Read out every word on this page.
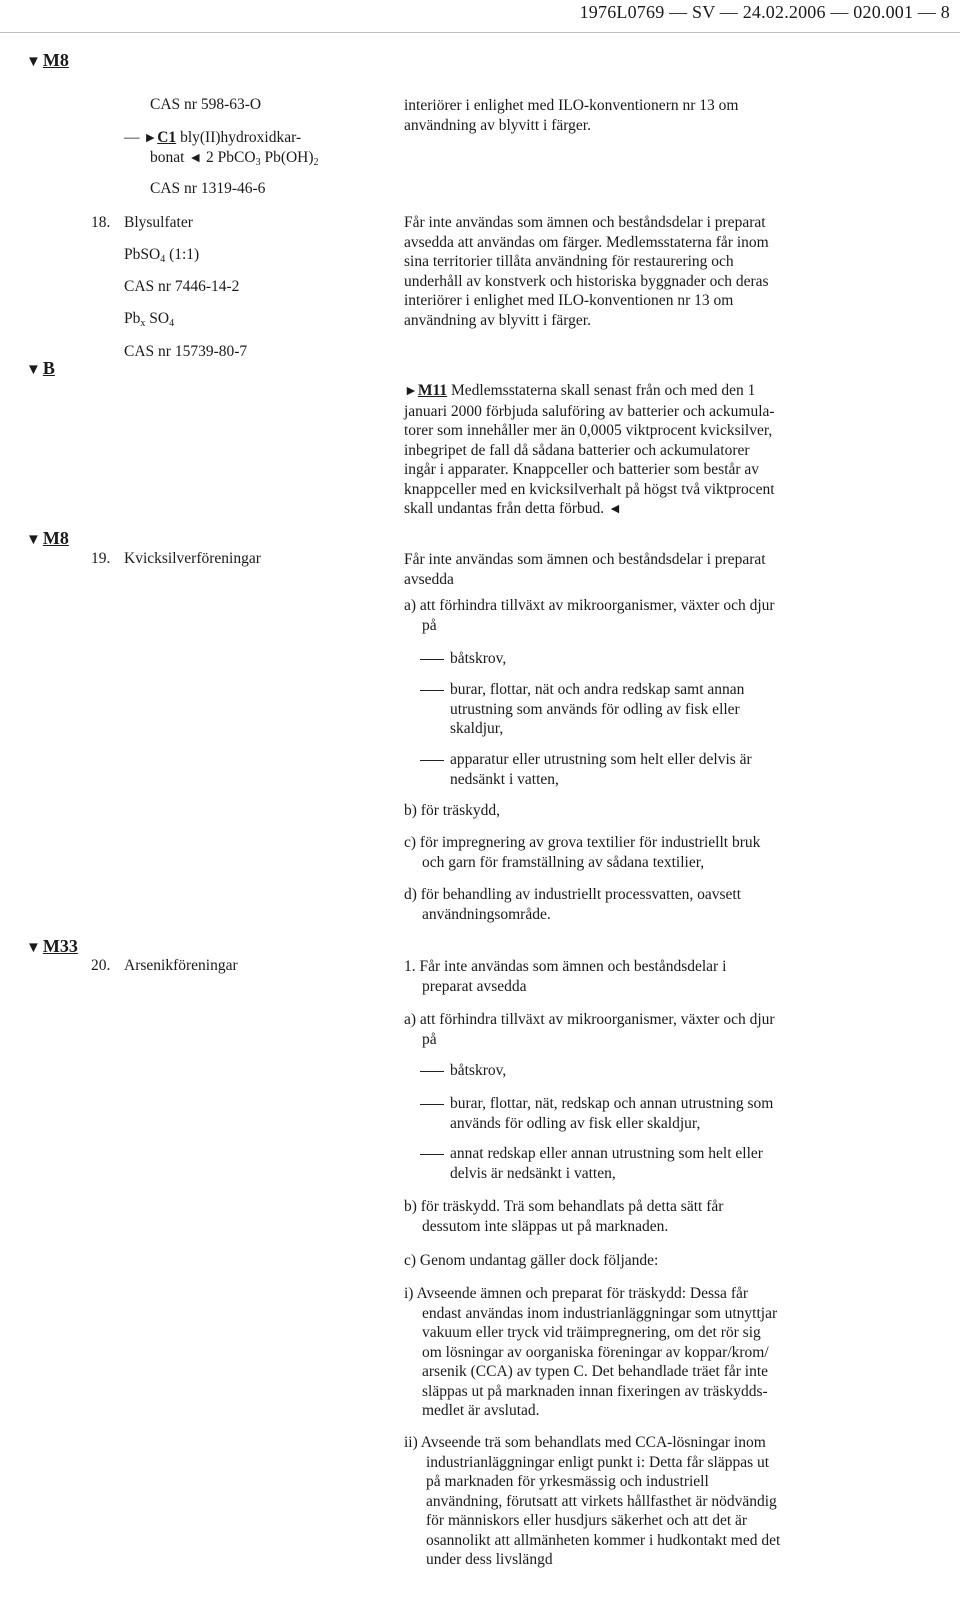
1976L0769 — SV — 24.02.2006 — 020.001 — 8
▼ M8
▼ B
▼ M8
▼ M33
CAS nr 598-63-O
— ►C1 bly(II)hydroxidkar-
bonat ◄ 2 PbCO$_3$ $Pb(OH)_2$
CAS nr 1319-46-6

interiörer i enlighet med ILO-konventionern nr 13 om

användning av blyvitt i färger.

18. Blysulfater
PbSO$_4$ (1:1)
CAS nr 7446-14-2
$Pb_x$ $SO_4$
CAS nr 15739-80-7

Får inte användas som ämnen och beståndsdelar i preparat

avsedda att användas om färger. Medlemsstaterna får inom

sina territorier tillåta användning för restaurering och

underhåll av konstverk och historiska byggnader och deras

interiörer i enlighet med ILO-konventionen nr 13 om

användning av blyvitt i färger.

►M11 Medlemsstaterna skall senast från och med den 1

januari 2000 förbjuda saluföring av batterier och ackumula-

torer som innehåller mer än 0,0005 viktprocent kvicksilver,

inbegripet de fall då sådana batterier och ackumulatorer

ingår i apparater. Knappceller och batterier som består av

knappceller med en kvicksilverhalt på högst två viktprocent

skall undantas från detta förbud. ◄

19. Kvicksilverföreningar	Får inte användas som ämnen och beståndsdelar i preparat

avsedda

a) att förhindra tillväxt av mikroorganismer, växter och djur

på

båtskrov,

burar, flottar, nät och andra redskap samt annan

utrustning som används för odling av fisk eller

skaldjur,

apparatur eller utrustning som helt eller delvis är

nedsänkt i vatten,

b) för träskydd,

c) för impregnering av grova textilier för industriellt bruk

och garn för framställning av sådana textilier,

d) för behandling av industriellt processvatten, oavsett

användningsområde.

20. Arsenikföreningar	1. Får inte användas som ämnen och beståndsdelar i

preparat avsedda

a) att förhindra tillväxt av mikroorganismer, växter och djur

på

båtskrov,

burar, flottar, nät, redskap och annan utrustning som

används för odling av fisk eller skaldjur,

annat redskap eller annan utrustning som helt eller

delvis är nedsänkt i vatten,

b) för träskydd. Trä som behandlats på detta sätt får

dessutom inte släppas ut på marknaden.

c) Genom undantag gäller dock följande:

i) Avseende ämnen och preparat för träskydd: Dessa får

endast användas inom industrianläggningar som utnyttjar

vakuum eller tryck vid träimpregnering, om det rör sig

om lösningar av oorganiska föreningar av koppar/krom/

arsenik (CCA) av typen C. Det behandlade träet får inte

släppas ut på marknaden innan fixeringen av träskydds-

medlet är avslutad.

ii) Avseende trä som behandlats med CCA-lösningar inom

industrianläggningar enligt punkt i: Detta får släppas ut

på marknaden för yrkesmässig och industriell

användning, förutsatt att virkets hållfasthet är nödvändig

för människors eller husdjurs säkerhet och att det är

osannolikt att allmänheten kommer i hudkontakt med det

under dess livslängd
